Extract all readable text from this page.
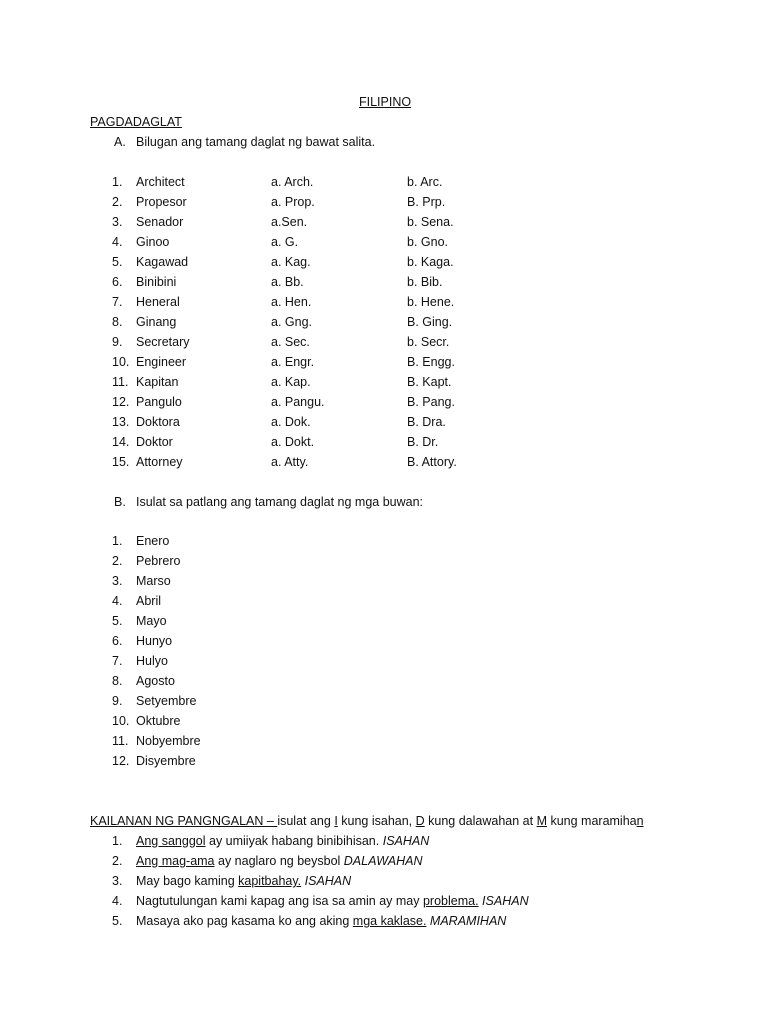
FILIPINO
PAGDADAGLAT
A. Bilugan ang tamang daglat ng bawat salita.
1. Architect	a. Arch.	b. Arc.
2. Propesor	a. Prop.	B. Prp.
3. Senador	a.Sen.	b. Sena.
4. Ginoo	a. G.	b. Gno.
5. Kagawad	a. Kag.	b. Kaga.
6. Binibini	a. Bb.	b. Bib.
7. Heneral	a. Hen.	b. Hene.
8. Ginang	a. Gng.	B. Ging.
9. Secretary	a. Sec.	b. Secr.
10. Engineer	a. Engr.	B. Engg.
11. Kapitan	a. Kap.	B. Kapt.
12. Pangulo	a. Pangu.	B. Pang.
13. Doktora	a. Dok.	B. Dra.
14. Doktor	a. Dokt.	B. Dr.
15. Attorney	a. Atty.	B. Attory.
B. Isulat sa patlang ang tamang daglat ng mga buwan:
1. Enero
2. Pebrero
3. Marso
4. Abril
5. Mayo
6. Hunyo
7. Hulyo
8. Agosto
9. Setyembre
10. Oktubre
11. Nobyembre
12. Disyembre
KAILANAN NG PANGNGALAN – isulat ang I kung isahan, D kung dalawahan at M kung maramihan
1. Ang sanggol ay umiiyak habang binibihisan. ISAHAN
2. Ang mag-ama ay naglaro ng beysbol DALAWAHAN
3. May bago kaming kapitbahay. ISAHAN
4. Nagtutulungan kami kapag ang isa sa amin ay may problema. ISAHAN
5. Masaya ako pag kasama ko ang aking mga kaklase. MARAMIHAN
